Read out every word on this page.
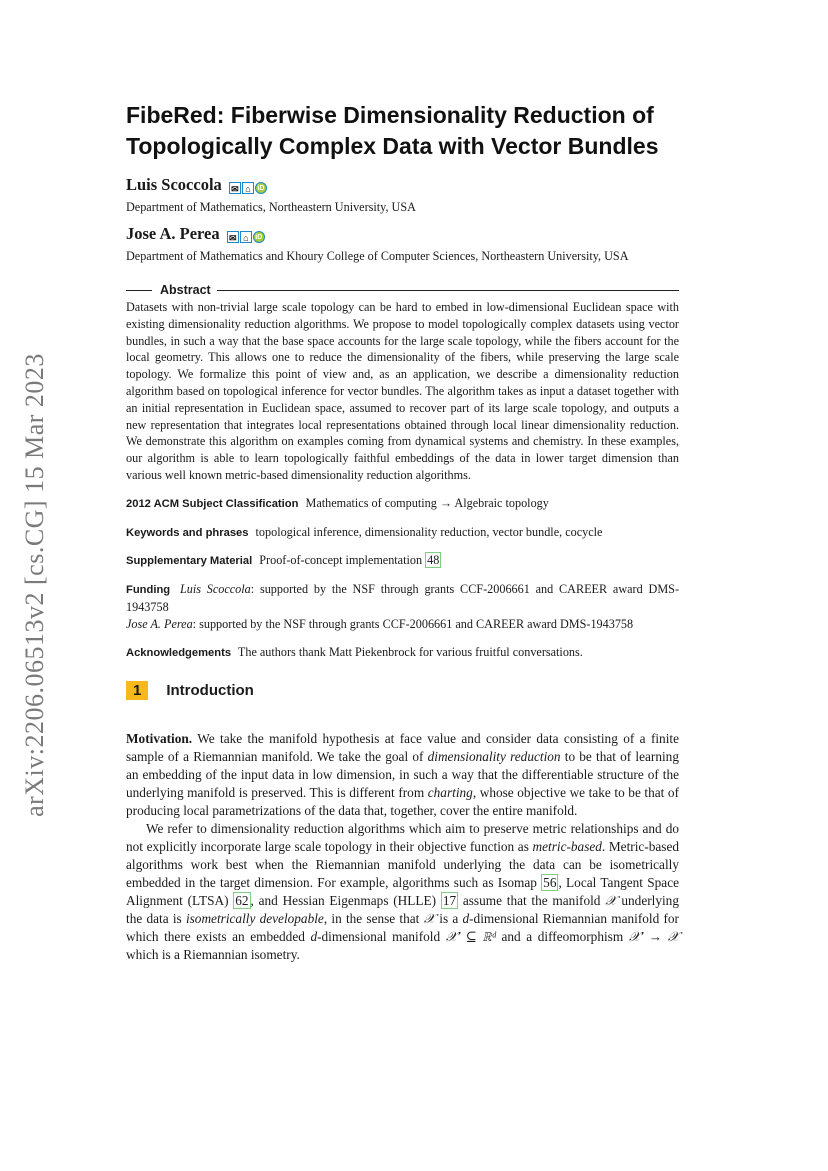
arXiv:2206.06513v2 [cs.CG] 15 Mar 2023
FibeRed: Fiberwise Dimensionality Reduction of Topologically Complex Data with Vector Bundles
Luis Scoccola ✉ ⌂ iD
Department of Mathematics, Northeastern University, USA
Jose A. Perea ✉ ⌂ iD
Department of Mathematics and Khoury College of Computer Sciences, Northeastern University, USA
Abstract

Datasets with non-trivial large scale topology can be hard to embed in low-dimensional Euclidean space with existing dimensionality reduction algorithms. We propose to model topologically complex datasets using vector bundles, in such a way that the base space accounts for the large scale topology, while the fibers account for the local geometry. This allows one to reduce the dimensionality of the fibers, while preserving the large scale topology. We formalize this point of view and, as an application, we describe a dimensionality reduction algorithm based on topological inference for vector bundles. The algorithm takes as input a dataset together with an initial representation in Euclidean space, assumed to recover part of its large scale topology, and outputs a new representation that integrates local representations obtained through local linear dimensionality reduction. We demonstrate this algorithm on examples coming from dynamical systems and chemistry. In these examples, our algorithm is able to learn topologically faithful embeddings of the data in lower target dimension than various well known metric-based dimensionality reduction algorithms.

2012 ACM Subject Classification Mathematics of computing → Algebraic topology
Keywords and phrases topological inference, dimensionality reduction, vector bundle, cocycle
Supplementary Material Proof-of-concept implementation 48
Funding Luis Scoccola: supported by the NSF through grants CCF-2006661 and CAREER award DMS-1943758
Jose A. Perea: supported by the NSF through grants CCF-2006661 and CAREER award DMS-1943758
Acknowledgements The authors thank Matt Piekenbrock for various fruitful conversations.
1	Introduction

Motivation. We take the manifold hypothesis at face value and consider data consisting of a finite sample of a Riemannian manifold. We take the goal of dimensionality reduction to be that of learning an embedding of the input data in low dimension, in such a way that the differentiable structure of the underlying manifold is preserved. This is different from charting, whose objective we take to be that of producing local parametrizations of the data that, together, cover the entire manifold.

We refer to dimensionality reduction algorithms which aim to preserve metric relationships and do not explicitly incorporate large scale topology in their objective function as metric-based. Metric-based algorithms work best when the Riemannian manifold underlying the data can be isometrically embedded in the target dimension. For example, algorithms such as Isomap 56 , Local Tangent Space Alignment (LTSA) 62 , and Hessian Eigenmaps (HLLE) 17 assume that the manifold 𝒳 underlying the data is isometrically developable, in the sense that 𝒳 is a d-dimensional Riemannian manifold for which there exists an embedded d-dimensional manifold 𝒳′ ⊆ ℝᵈ and a diffeomorphism 𝒳′ → 𝒳 which is a Riemannian isometry.
